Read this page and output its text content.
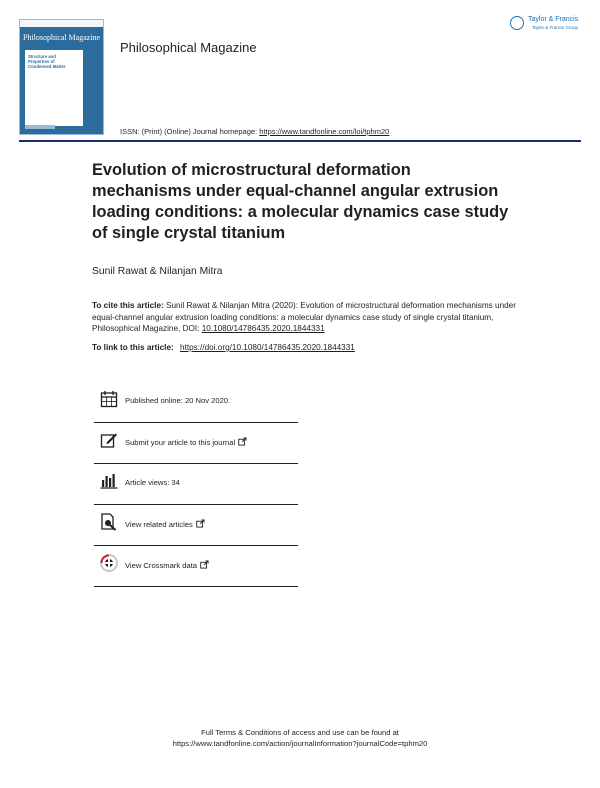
Philosophical Magazine
Structure and
Properties of
Condensed Matter
Philosophical Magazine
Taylor & Francis
Taylor & Francis Group
ISSN: (Print) (Online) Journal homepage: https://www.tandfonline.com/loi/tphm20
Evolution of microstructural deformation mechanisms under equal-channel angular extrusion loading conditions: a molecular dynamics case study of single crystal titanium
Sunil Rawat & Nilanjan Mitra
To cite this article: Sunil Rawat & Nilanjan Mitra (2020): Evolution of microstructural deformation mechanisms under equal-channel angular extrusion loading conditions: a molecular dynamics case study of single crystal titanium, Philosophical Magazine, DOI: 10.1080/14786435.2020.1844331
To link to this article: https://doi.org/10.1080/14786435.2020.1844331
Published online: 20 Nov 2020.
Submit your article to this journal
Article views: 34
View related articles
View Crossmark data
Full Terms & Conditions of access and use can be found at
https://www.tandfonline.com/action/journalInformation?journalCode=tphm20
